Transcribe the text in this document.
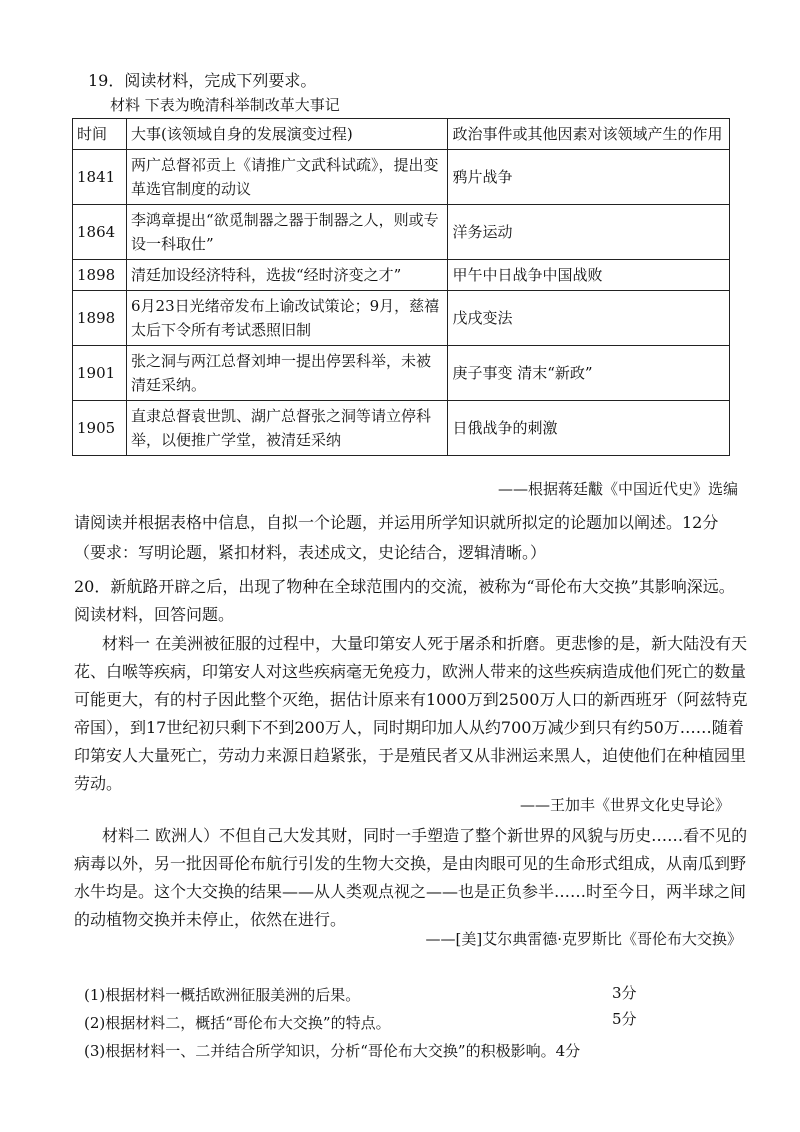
19．阅读材料，完成下列要求。
材料 下表为晚清科举制改革大事记
时间	大事(该领域自身的发展演变过程)	政治事件或其他因素对该领域产生的作用
1841	两广总督祁贡上《请推广文武科试疏》，提出变革选官制度的动议	鸦片战争
1864	李鸿章提出“欲觅制器之器于制器之人，则或专设一科取仕”	洋务运动
1898	清廷加设经济特科，选拔“经时济变之才”	甲午中日战争中国战败
1898	6月23日光绪帝发布上谕改试策论；9月，慈禧太后下令所有考试悉照旧制	戊戌变法
1901	张之洞与两江总督刘坤一提出停罢科举，未被清廷采纳。	庚子事变 清末“新政”
1905	直隶总督袁世凯、湖广总督张之洞等请立停科举，以便推广学堂，被清廷采纳	日俄战争的刺激
——根据蒋廷黻《中国近代史》选编
请阅读并根据表格中信息，自拟一个论题，并运用所学知识就所拟定的论题加以阐述。12分（要求：写明论题，紧扣材料，表述成文，史论结合，逻辑清晰。）
20．新航路开辟之后，出现了物种在全球范围内的交流，被称为“哥伦布大交换”其影响深远。阅读材料，回答问题。
材料一 在美洲被征服的过程中，大量印第安人死于屠杀和折磨。更悲惨的是，新大陆没有天花、白喉等疾病，印第安人对这些疾病毫无免疫力，欧洲人带来的这些疾病造成他们死亡的数量可能更大，有的村子因此整个灭绝，据估计原来有1000万到2500万人口的新西班牙（阿兹特克帝国），到17世纪初只剩下不到200万人，同时期印加人从约700万减少到只有约50万……随着印第安人大量死亡，劳动力来源日趋紧张，于是殖民者又从非洲运来黑人，迫使他们在种植园里劳动。
——王加丰《世界文化史导论》
材料二 欧洲人）不但自己大发其财，同时一手塑造了整个新世界的风貌与历史……看不见的病毒以外，另一批因哥伦布航行引发的生物大交换，是由肉眼可见的生命形式组成，从南瓜到野水牛均是。这个大交换的结果——从人类观点视之——也是正负参半……时至今日，两半球之间的动植物交换并未停止，依然在进行。
——[美]艾尔典雷德·克罗斯比《哥伦布大交换》
(1)根据材料一概括欧洲征服美洲的后果。	3分
(2)根据材料二，概括“哥伦布大交换”的特点。	5分
(3)根据材料一、二并结合所学知识，分析“哥伦布大交换”的积极影响。4分
